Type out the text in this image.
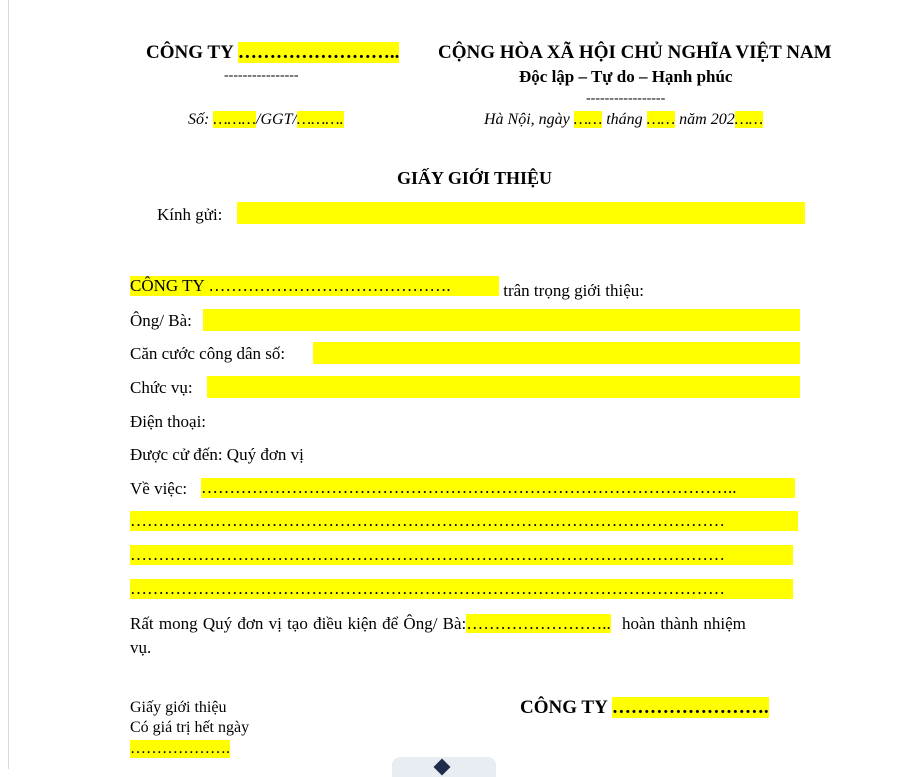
CÔNG TY ……………………..
----------------
CỘNG HÒA XÃ HỘI CHỦ NGHĨA VIỆT NAM
Độc lập – Tự do – Hạnh phúc
-----------------
Số: ………/GGT/……….	Hà Nội, ngày …… tháng …… năm 202……
GIẤY GIỚI THIỆU
Kính gửi:
CÔNG TY …………………………………….	trân trọng giới thiệu:
Ông/ Bà:
Căn cước công dân số:
Chức vụ:
Điện thoại:
Được cử đến: Quý đơn vị
Về việc: …………………………………………………………………………………..
……………………………………………………………………………………………
……………………………………………………………………………………………
……………………………………………………………………………………………
Rất mong Quý đơn vị tạo điều kiện để Ông/ Bà:…………………….. hoàn thành nhiệm
vụ.
Giấy giới thiệu
Có giá trị hết ngày
……………….
CÔNG TY …………………….
